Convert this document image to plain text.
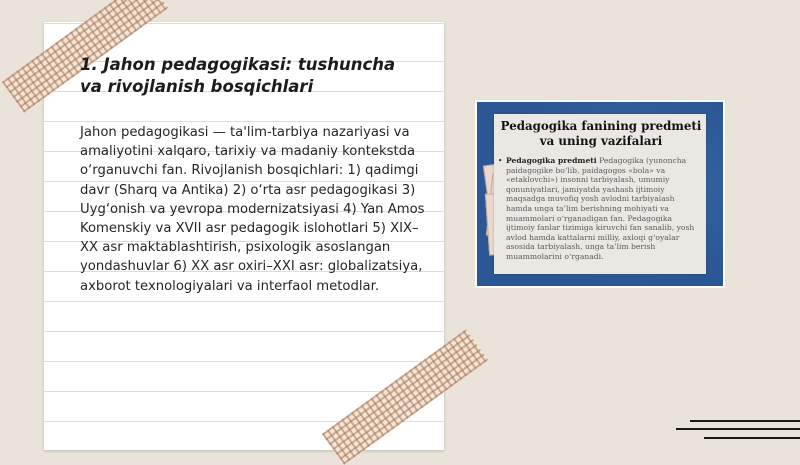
1. Jahon pedagogikasi: tushuncha va rivojlanish bosqichlari

Jahon pedagogikasi — ta'lim-tarbiya nazariyasi va amaliyotini xalqaro, tarixiy va madaniy kontekstda o‘rganuvchi fan. Rivojlanish bosqichlari: 1) qadimgi davr (Sharq va Antika) 2) o‘rta asr pedagogikasi 3) Uyg‘onish va yevropa modernizatsiyasi 4) Yan Amos Komenskiy va XVII asr pedagogik islohotlari 5) XIX–XX asr maktablashtirish, psixologik asoslangan yondashuvlar 6) XX asr oxiri–XXI asr: globalizatsiya, axborot texnologiyalari va interfaol metodlar.

Pedagogika fanining predmeti va uning vazifalari

• Pedagogika predmeti Pedagogika (yunoncha paidagogike bo‘lib, paidagogos «bola» va «etaklovchi») insonni tarbiyalash, umumiy qonuniyatlari, jamiyatda yashash ijtimoiy maqsadga muvofiq yosh avlodni tarbiyalash hamda unga ta’lim berishning mohiyati va muammolari o‘rganadigan fan. Pedagogika ijtimoiy fanlar tizimiga kiruvchi fan sanalib, yosh avlod hamda kattalarni milliy, axloqi g‘oyalar asosida tarbiyalash, unga ta’lim berish muammolarini o‘rganadi.
